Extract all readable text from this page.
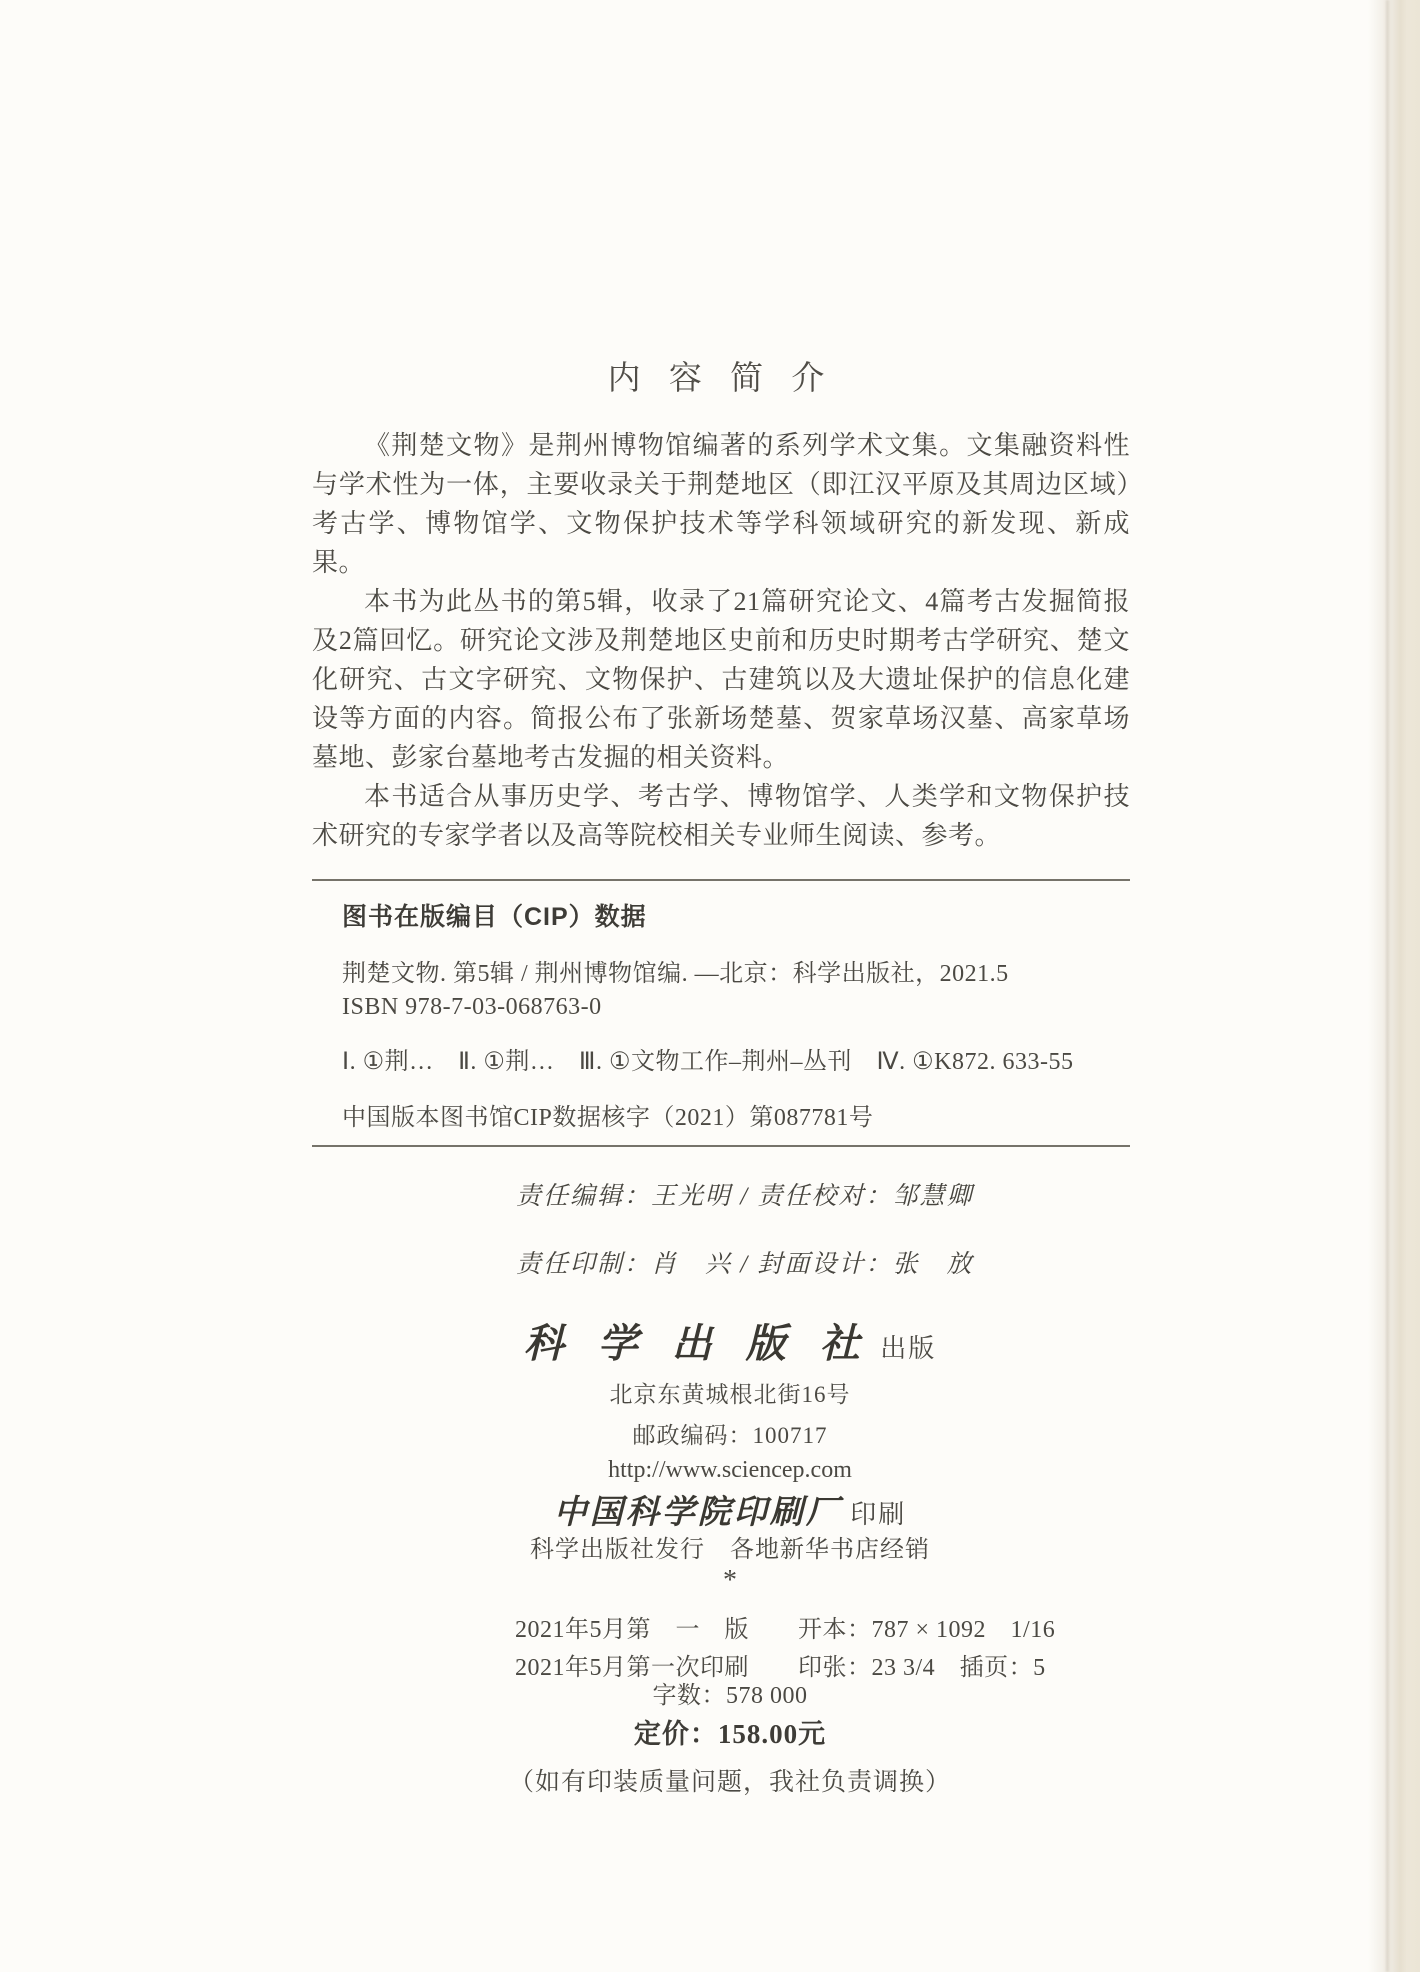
内 容 简 介

《荆楚文物》是荆州博物馆编著的系列学术文集。文集融资料性与学术性为一体，主要收录关于荆楚地区（即江汉平原及其周边区域）考古学、博物馆学、文物保护技术等学科领域研究的新发现、新成果。

本书为此丛书的第5辑，收录了21篇研究论文、4篇考古发掘简报及2篇回忆。研究论文涉及荆楚地区史前和历史时期考古学研究、楚文化研究、古文字研究、文物保护、古建筑以及大遗址保护的信息化建设等方面的内容。简报公布了张新场楚墓、贺家草场汉墓、高家草场墓地、彭家台墓地考古发掘的相关资料。

本书适合从事历史学、考古学、博物馆学、人类学和文物保护技术研究的专家学者以及高等院校相关专业师生阅读、参考。

图书在版编目（CIP）数据
荆楚文物. 第5辑 / 荆州博物馆编. —北京：科学出版社，2021.5
ISBN 978-7-03-068763-0
Ⅰ. ①荆…　Ⅱ. ①荆…　Ⅲ. ①文物工作–荆州–丛刊　Ⅳ. ①K872. 633-55
中国版本图书馆CIP数据核字（2021）第087781号
责任编辑：王光明 / 责任校对：邹慧卿
责任印制：肖　兴 / 封面设计：张　放
科 学 出 版 社 出版
北京东黄城根北街16号
邮政编码：100717
http://www.sciencep.com
中国科学院印刷厂 印刷
科学出版社发行　各地新华书店经销
*
2021年5月第　一　版　　开本：787 × 1092　1/16
2021年5月第一次印刷　　印张：23 3/4　插页：5
字数：578 000
定价：158.00元
（如有印装质量问题，我社负责调换）
